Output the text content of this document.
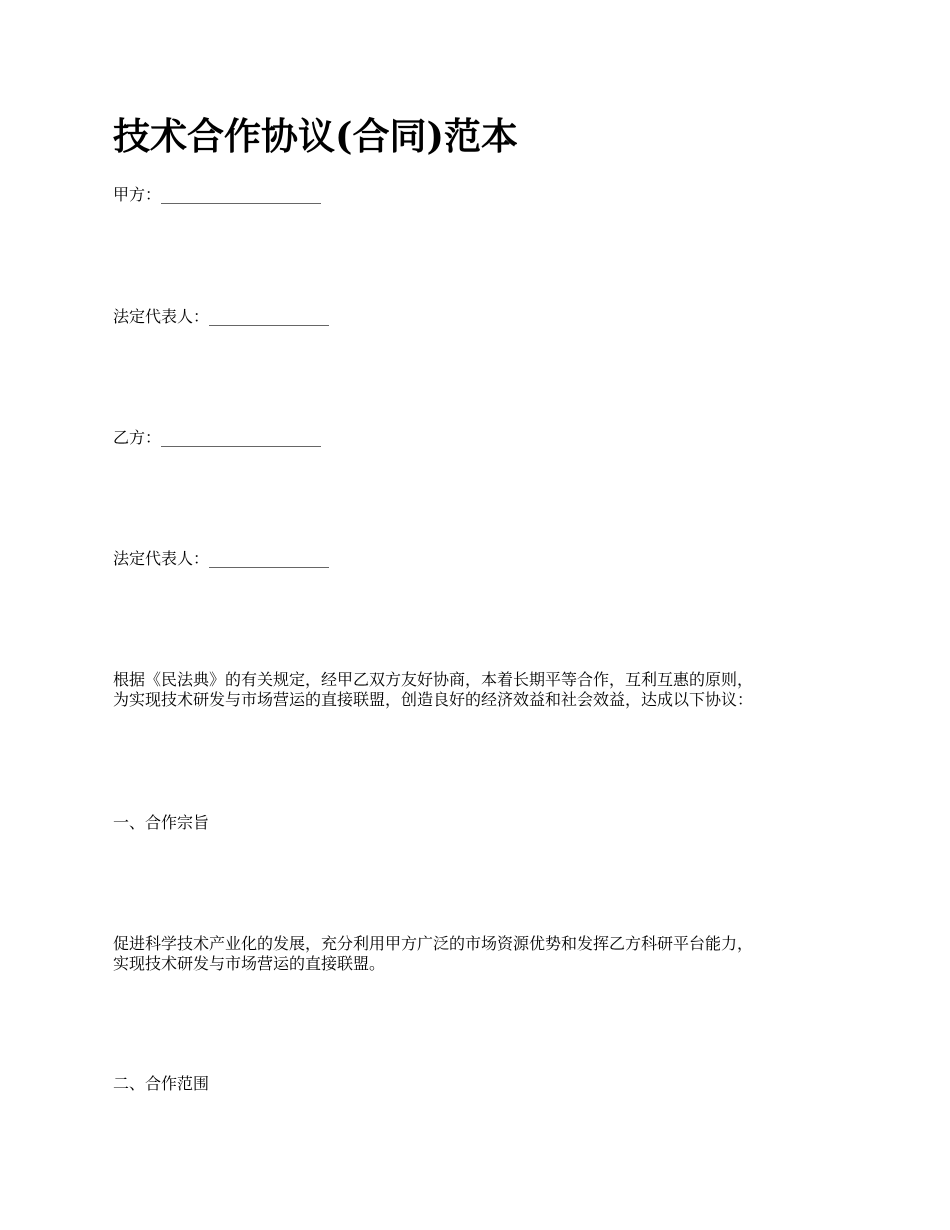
技术合作协议(合同)范本
甲方：____________________
法定代表人：_______________
乙方：____________________
法定代表人：_______________
根据《民法典》的有关规定，经甲乙双方友好协商，本着长期平等合作，互利互惠的原则，
为实现技术研发与市场营运的直接联盟，创造良好的经济效益和社会效益，达成以下协议：
一、合作宗旨
促进科学技术产业化的发展，充分利用甲方广泛的市场资源优势和发挥乙方科研平台能力，
实现技术研发与市场营运的直接联盟。
二、合作范围
